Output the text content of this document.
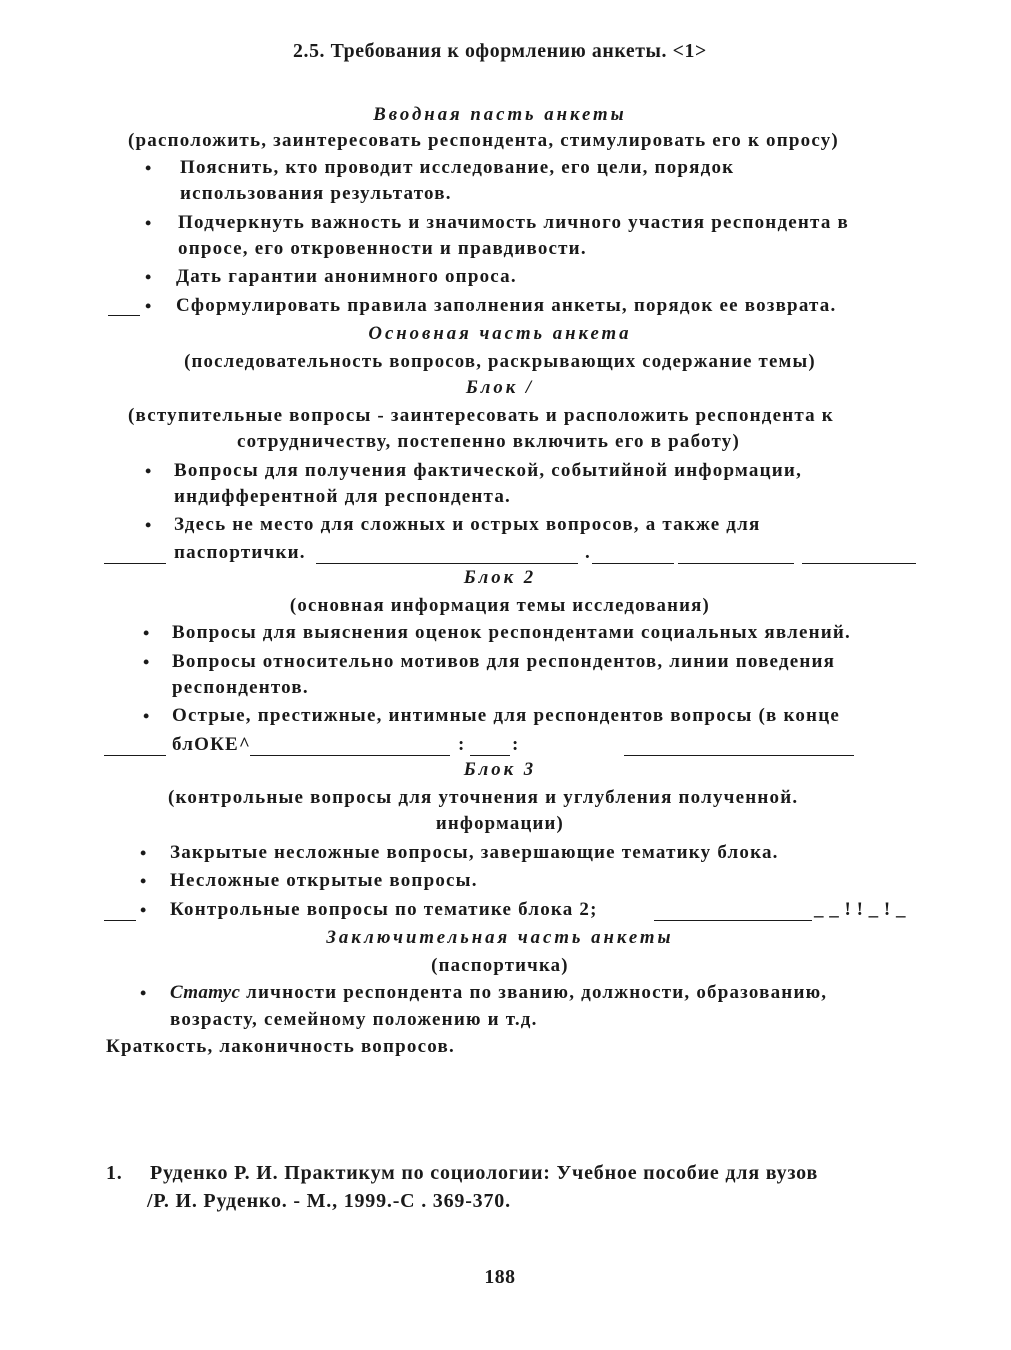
2.5. Требования к оформлению анкеты. <1>
Вводная пасть анкеты
(расположить, заинтересовать респондента, стимулировать его к опросу)
• Пояснить, кто проводит исследование, его цели, порядок
использования результатов.
• Подчеркнуть важность и значимость личного участия респондента в
опросе, его откровенности и правдивости.
• Дать гарантии анонимного опроса.
• Сформулировать правила заполнения анкеты, порядок ее возврата.
Основная часть анкета
(последовательность вопросов, раскрывающих содержание темы)
Блок /
(вступительные вопросы - заинтересовать и расположить респондента к
сотрудничеству, постепенно включить его в работу)
• Вопросы для получения фактической, событийной информации,
индифферентной для респондента.
• Здесь не место для сложных и острых вопросов, а также для
паспортички.	.
Блок 2
(основная информация темы исследования)
• Вопросы для выяснения оценок респондентами социальных явлений.
• Вопросы относительно мотивов для респондентов, линии поведения
респондентов.
• Острые, престижные, интимные для респондентов вопросы (в конце
блОКЕ^	: :
Блок 3
(контрольные вопросы для уточнения и углубления полученной.
информации)
• Закрытые несложные вопросы, завершающие тематику блока.
• Несложные открытые вопросы.
• Контрольные вопросы по тематике блока 2;	_ _ ! ! _ ! _
Заключительная часть анкеты
(паспортичка)
• Статус личности респондента по званию, должности, образованию,
возрасту, семейному положению и т.д.
Краткость, лаконичность вопросов.
1. Руденко Р. И. Практикум по социологии: Учебное пособие для вузов
/Р. И. Руденко. - М., 1999.-С . 369-370.
188
